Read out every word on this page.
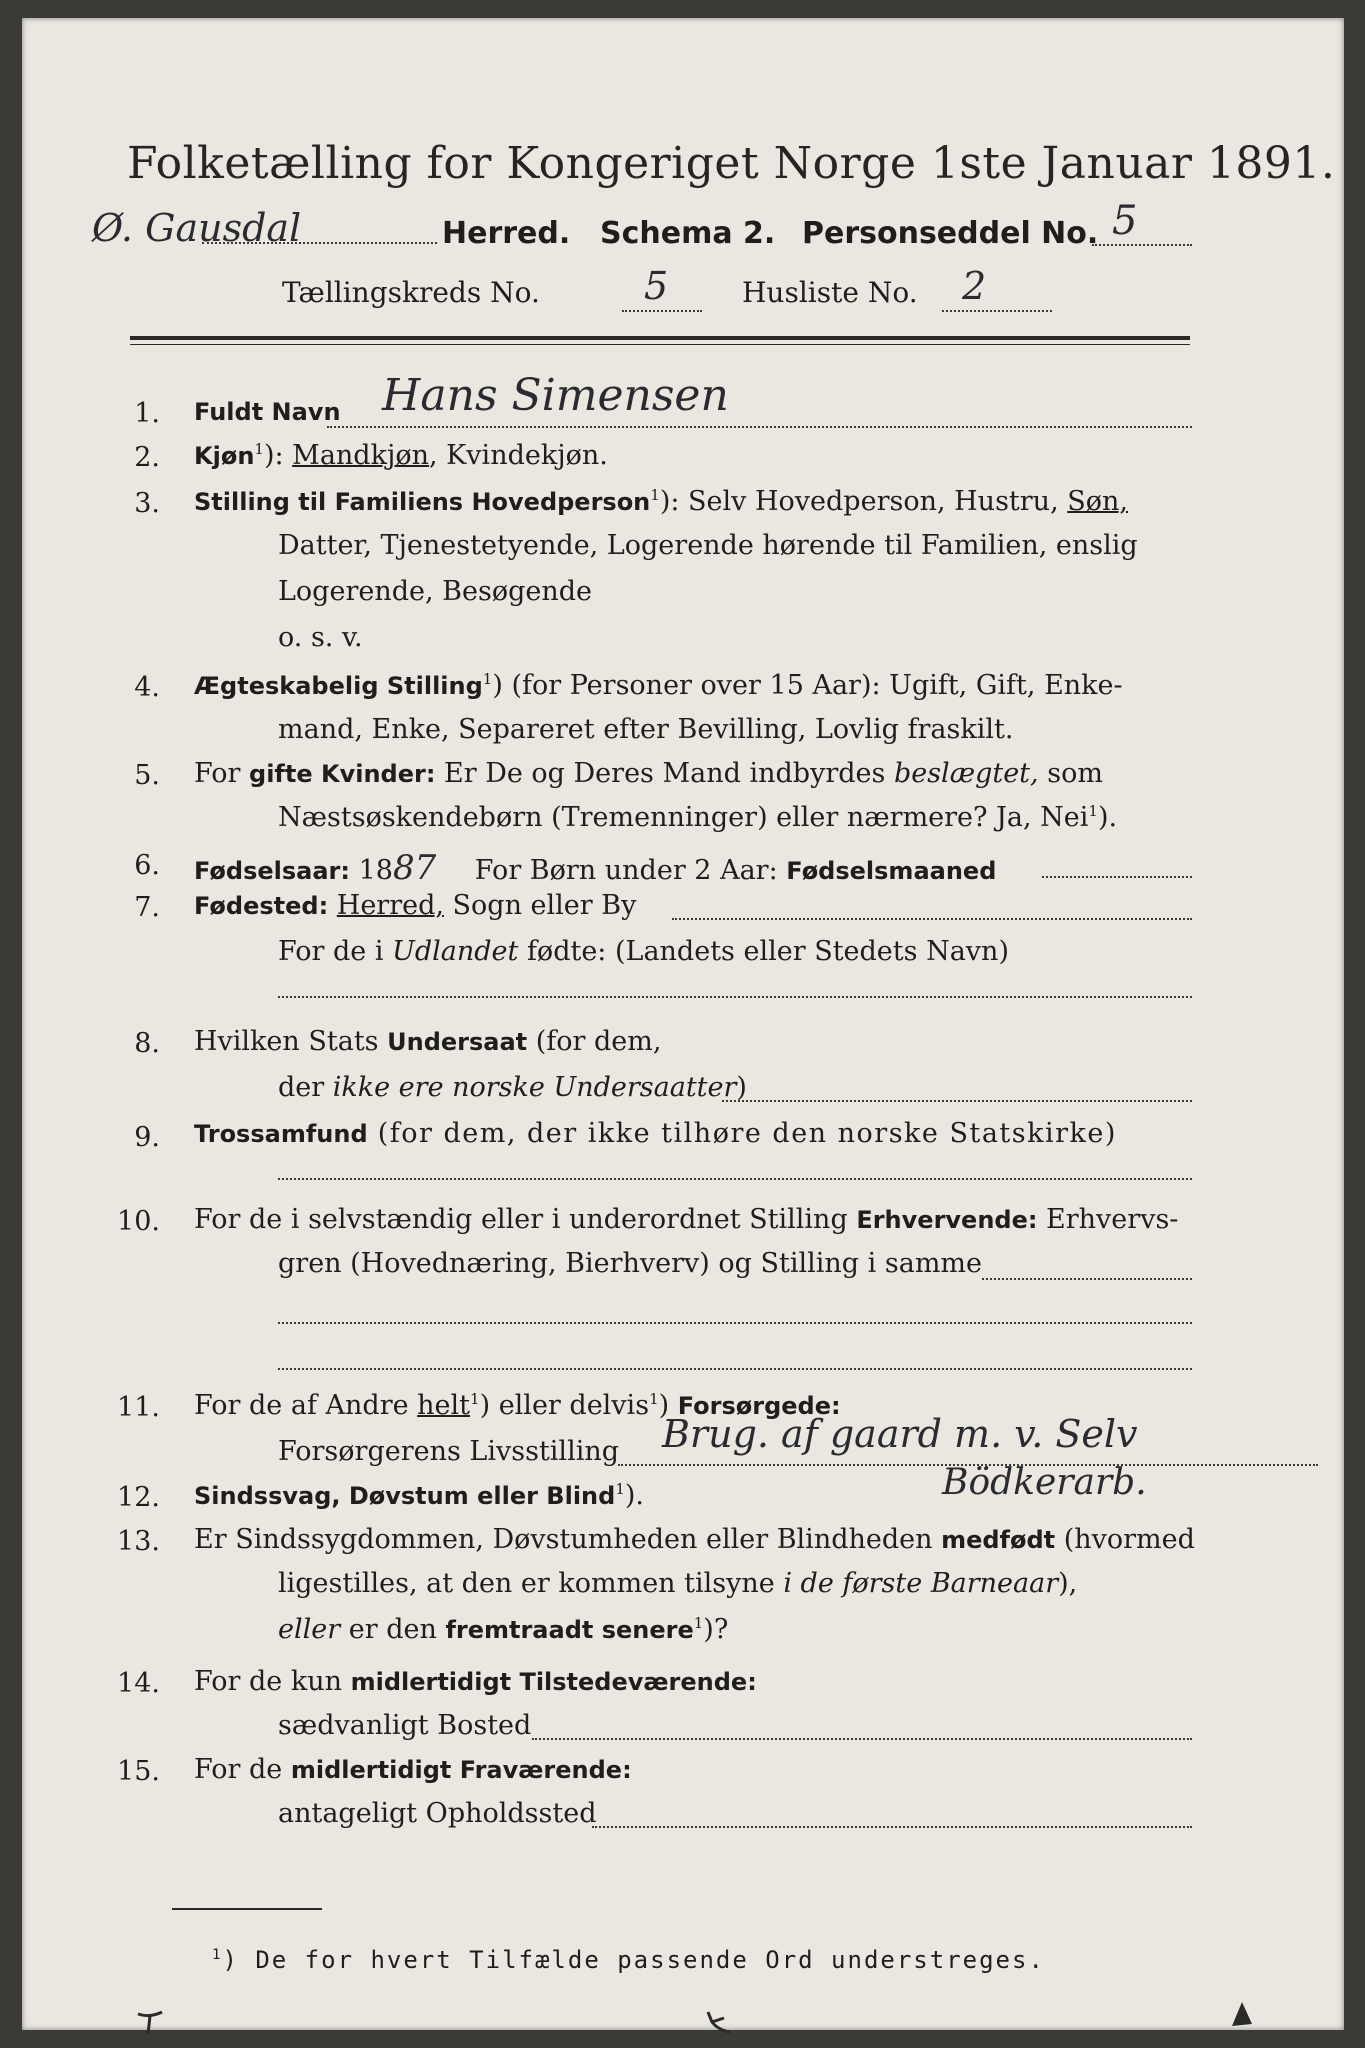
Folketælling for Kongeriget Norge 1ste Januar 1891.
Ø. Gausdal	Herred. Schema 2. Personseddel No. 5
Tællingskreds No.	5	Husliste No. 2
1. Fuldt Navn Hans Simensen
2. Kjøn$^1$): Mandkjøn, Kvindekjøn.
3. Stilling til Familiens Hovedperson$^1$): Selv Hovedperson, Hustru, Søn,
Datter, Tjenestetyende, Logerende hørende til Familien, enslig
Logerende, Besøgende
o. s. v.
4. Ægteskabelig Stilling$^1$) (for Personer over 15 Aar): Ugift, Gift, Enke-
mand, Enke, Separeret efter Bevilling, Lovlig fraskilt.
5. For gifte Kvinder: Er De og Deres Mand indbyrdes beslægtet, som
Næstsøskendebørn (Tremenninger) eller nærmere? Ja, Nei$^1$).
6. Fødselsaar: 1887 For Børn under 2 Aar: Fødselsmaaned
7. Fødested: Herred, Sogn eller By
For de i Udlandet fødte: (Landets eller Stedets Navn)
8. Hvilken Stats Undersaat (for dem,
der ikke ere norske Undersaatter)
9. Trossamfund (for dem, der ikke tilhøre den norske Statskirke)
10. For de i selvstændig eller i underordnet Stilling Erhvervende: Erhvervs-
gren (Hovednæring, Bierhverv) og Stilling i samme
11. For de af Andre helt$^1$) eller delvis$^1$) Forsørgede:
Forsørgerens Livsstilling Brug. af gaard m. v. Selv
Bödkerarb.
12. Sindssvag, Døvstum eller Blind$^1$).
13. Er Sindssygdommen, Døvstumheden eller Blindheden medfødt (hvormed
ligestilles, at den er kommen tilsyne i de første Barneaar),
eller er den fremtraadt senere$^1$)?
14. For de kun midlertidigt Tilstedeværende:
sædvanligt Bosted
15. For de midlertidigt Fraværende:
antageligt Opholdssted
$^1$) De for hvert Tilfælde passende Ord understreges.
